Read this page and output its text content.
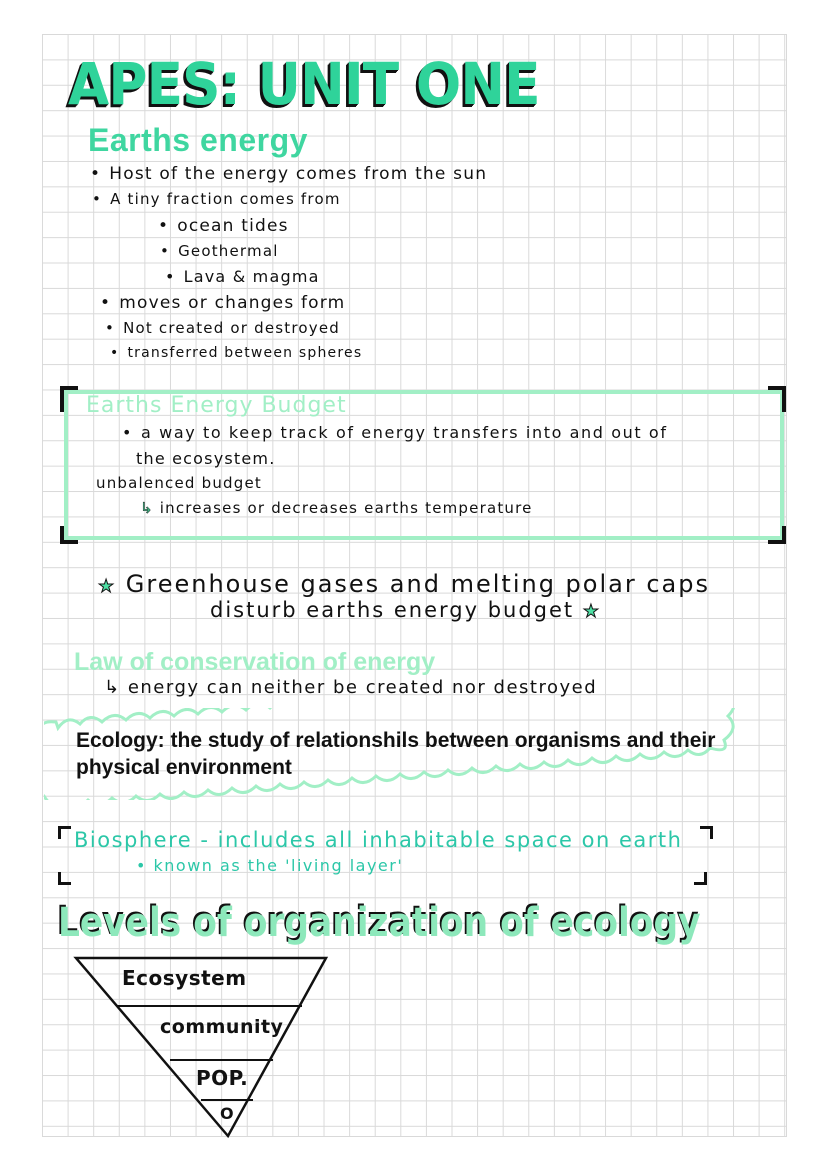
APES: UNIT ONE
Earths energy
• Host of the energy comes from the sun
• A tiny fraction comes from
• ocean tides
• Geothermal
• Lava & magma
• moves or changes form
• Not created or destroyed
• transferred between spheres
Earths Energy Budget
• a way to keep track of energy transfers into and out of
the ecosystem.
unbalenced budget
↳ increases or decreases earths temperature
★ Greenhouse gases and melting polar caps
disturb earths energy budget ★
Law of conservation of energy
↳ energy can neither be created nor destroyed
Ecology: the study of relationshils between organisms and their physical environment
Biosphere - includes all inhabitable space on earth
• known as the 'living layer'
Levels of organization of ecology
Ecosystem
community
POP.
O
